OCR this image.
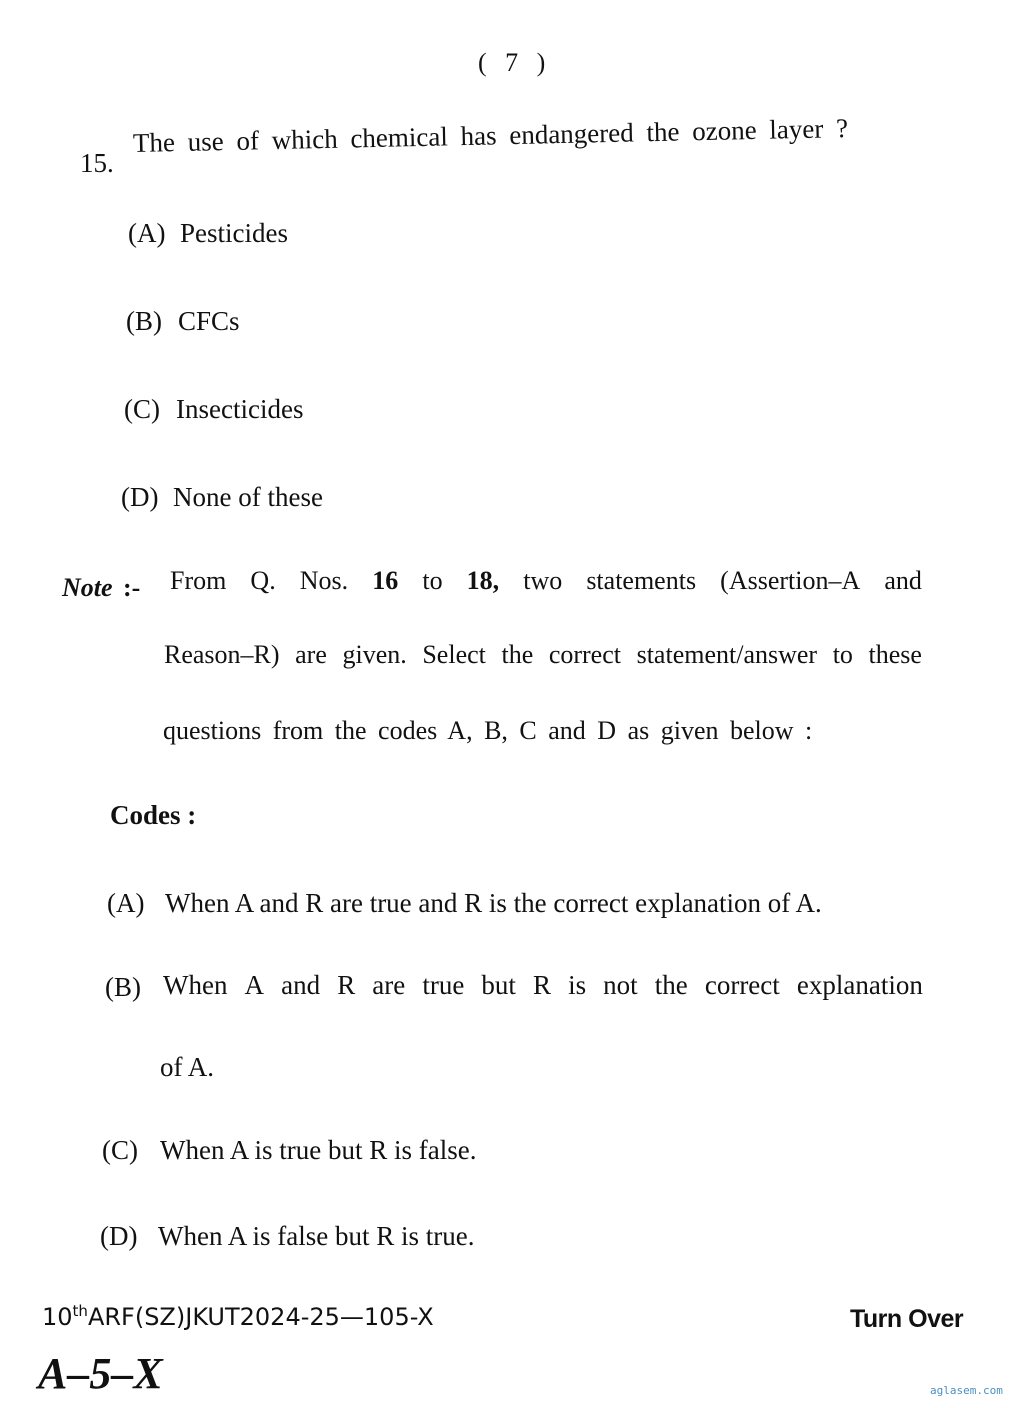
( 7 )
15.
The use of which chemical has endangered the ozone layer ?
(A) Pesticides
(B) CFCs
(C) Insecticides
(D) None of these
Note :- From Q. Nos. 16 to 18, two statements (Assertion–A and
Reason–R) are given. Select the correct statement/answer to these
questions from the codes A, B, C and D as given below :
Codes :
(A) When A and R are true and R is the correct explanation of A.
(B) When A and R are true but R is not the correct explanation
of A.
(C) When A is true but R is false.
(D) When A is false but R is true.
10thARF(SZ)JKUT2024-25—105-X	Turn Over
A–5–X	aglasem.com
